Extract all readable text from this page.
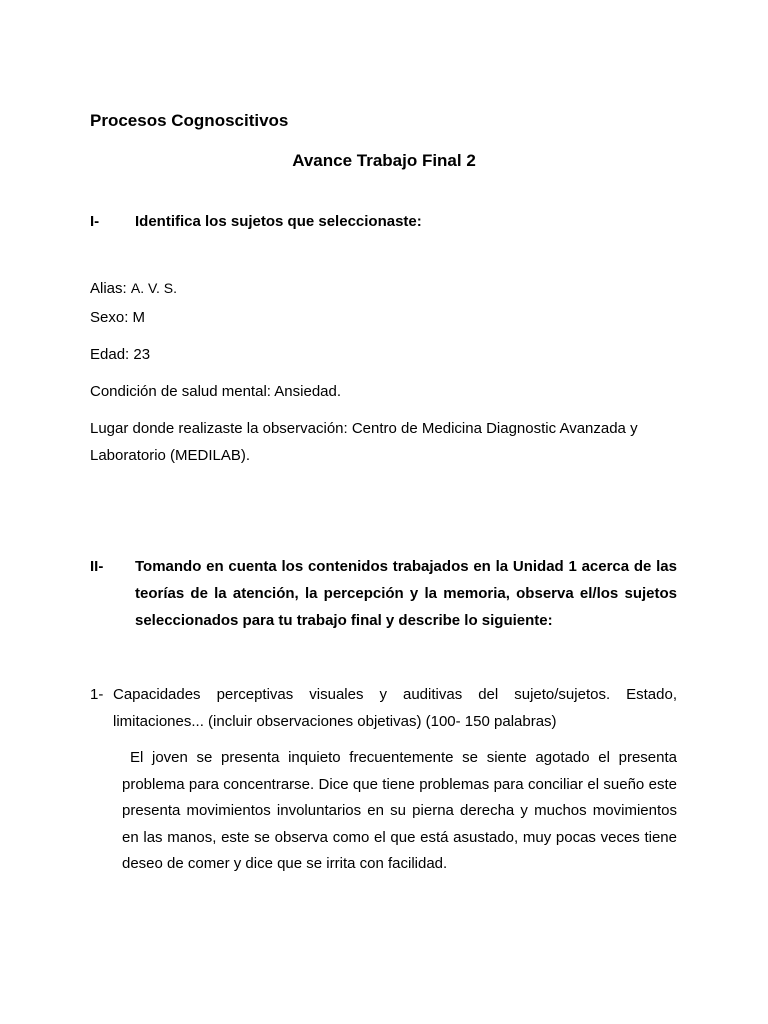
Procesos Cognoscitivos
Avance Trabajo Final 2
I- Identifica los sujetos que seleccionaste:

Alias: A. V. S.

Sexo: M

Edad: 23

Condición de salud mental: Ansiedad.

Lugar donde realizaste la observación: Centro de Medicina Diagnostic Avanzada y Laboratorio (MEDILAB).

II- Tomando en cuenta los contenidos trabajados en la Unidad 1 acerca de las teorías de la atención, la percepción y la memoria, observa el/los sujetos seleccionados para tu trabajo final y describe lo siguiente:
1- Capacidades perceptivas visuales y auditivas del sujeto/sujetos. Estado, limitaciones... (incluir observaciones objetivas) (100- 150 palabras)

El joven se presenta inquieto frecuentemente se siente agotado el presenta problema para concentrarse. Dice que tiene problemas para conciliar el sueño este presenta movimientos involuntarios en su pierna derecha y muchos movimientos en las manos, este se observa como el que está asustado, muy pocas veces tiene deseo de comer y dice que se irrita con facilidad.
